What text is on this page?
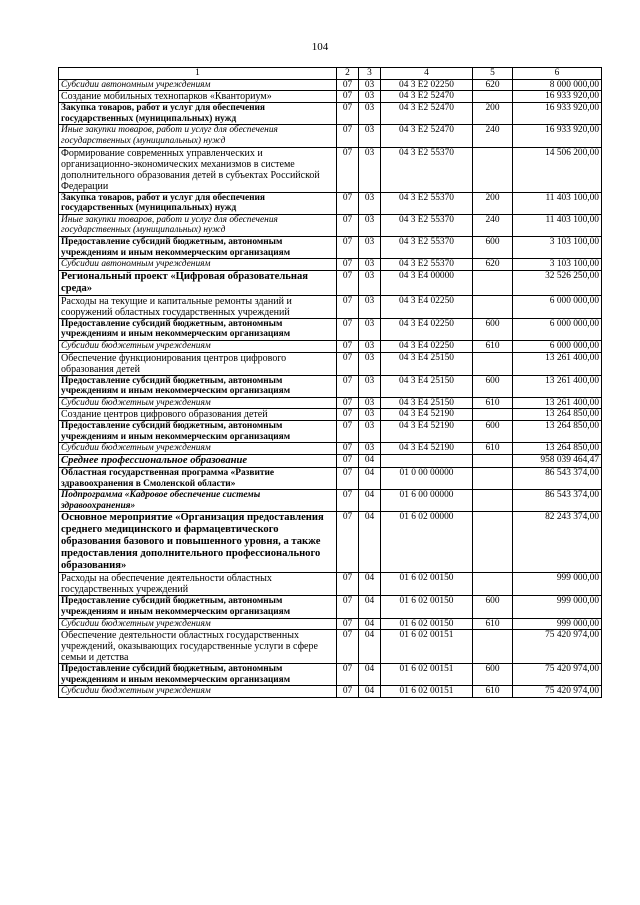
104
1	2	3	4	5	6
Субсидии автономным учреждениям	07	03	04 3 E2 02250	620	8 000 000,00
Создание мобильных технопарков «Кванториум»	07	03	04 3 E2 52470		16 933 920,00
Закупка товаров, работ и услуг для обеспечения государственных (муниципальных) нужд	07	03	04 3 E2 52470	200	16 933 920,00
Иные закупки товаров, работ и услуг для обеспечения государственных (муниципальных) нужд	07	03	04 3 E2 52470	240	16 933 920,00
Формирование современных управленческих и организационно-экономических механизмов в системе дополнительного образования детей в субъектах Российской Федерации	07	03	04 3 E2 55370		14 506 200,00
Закупка товаров, работ и услуг для обеспечения государственных (муниципальных) нужд	07	03	04 3 E2 55370	200	11 403 100,00
Иные закупки товаров, работ и услуг для обеспечения государственных (муниципальных) нужд	07	03	04 3 E2 55370	240	11 403 100,00
Предоставление субсидий бюджетным, автономным учреждениям и иным некоммерческим организациям	07	03	04 3 E2 55370	600	3 103 100,00
Субсидии автономным учреждениям	07	03	04 3 E2 55370	620	3 103 100,00
Региональный проект «Цифровая образовательная среда»	07	03	04 3 E4 00000		32 526 250,00
Расходы на текущие и капитальные ремонты зданий и сооружений областных государственных учреждений	07	03	04 3 E4 02250		6 000 000,00
Предоставление субсидий бюджетным, автономным учреждениям и иным некоммерческим организациям	07	03	04 3 E4 02250	600	6 000 000,00
Субсидии бюджетным учреждениям	07	03	04 3 E4 02250	610	6 000 000,00
Обеспечение функционирования центров цифрового образования детей	07	03	04 3 E4 25150		13 261 400,00
Предоставление субсидий бюджетным, автономным учреждениям и иным некоммерческим организациям	07	03	04 3 E4 25150	600	13 261 400,00
Субсидии бюджетным учреждениям	07	03	04 3 E4 25150	610	13 261 400,00
Создание центров цифрового образования детей	07	03	04 3 E4 52190		13 264 850,00
Предоставление субсидий бюджетным, автономным учреждениям и иным некоммерческим организациям	07	03	04 3 E4 52190	600	13 264 850,00
Субсидии бюджетным учреждениям	07	03	04 3 E4 52190	610	13 264 850,00
Среднее профессиональное образование	07	04			958 039 464,47
Областная государственная программа «Развитие здравоохранения в Смоленской области»	07	04	01 0 00 00000		86 543 374,00
Подпрограмма «Кадровое обеспечение системы здравоохранения»	07	04	01 6 00 00000		86 543 374,00
Основное мероприятие «Организация предоставления среднего медицинского и фармацевтического образования базового и повышенного уровня, а также предоставления дополнительного профессионального образования»	07	04	01 6 02 00000		82 243 374,00
Расходы на обеспечение деятельности областных государственных учреждений	07	04	01 6 02 00150		999 000,00
Предоставление субсидий бюджетным, автономным учреждениям и иным некоммерческим организациям	07	04	01 6 02 00150	600	999 000,00
Субсидии бюджетным учреждениям	07	04	01 6 02 00150	610	999 000,00
Обеспечение деятельности областных государственных учреждений, оказывающих государственные услуги в сфере семьи и детства	07	04	01 6 02 00151		75 420 974,00
Предоставление субсидий бюджетным, автономным учреждениям и иным некоммерческим организациям	07	04	01 6 02 00151	600	75 420 974,00
Субсидии бюджетным учреждениям	07	04	01 6 02 00151	610	75 420 974,00
